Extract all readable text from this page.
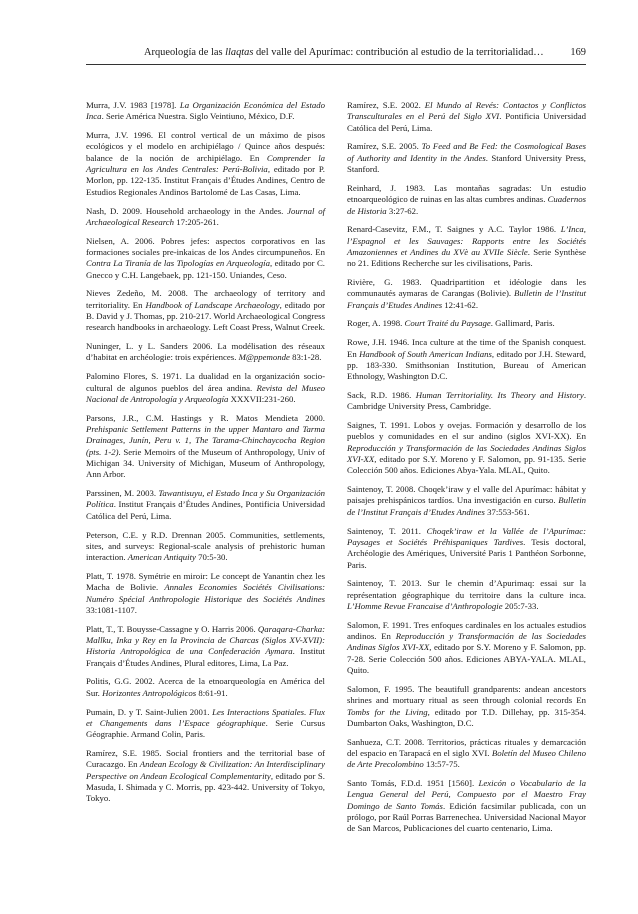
Arqueología de las llaqtas del valle del Apurímac: contribución al estudio de la territorialidad…	169

Murra, J.V. 1983 [1978]. La Organización Económica del Estado Inca. Serie América Nuestra. Siglo Veintiuno, México, D.F.

Murra, J.V. 1996. El control vertical de un máximo de pisos ecológicos y el modelo en archipiélago / Quince años después: balance de la noción de archipiélago. En Comprender la Agricultura en los Andes Centrales: Perú-Bolivia, editado por P. Morlon, pp. 122-135. Institut Français d’Études Andines, Centro de Estudios Regionales Andinos Bartolomé de Las Casas, Lima.

Nash, D. 2009. Household archaeology in the Andes. Journal of Archaeological Research 17:205-261.

Nielsen, A. 2006. Pobres jefes: aspectos corporativos en las formaciones sociales pre-inkaicas de los Andes circumpuneños. En Contra La Tiranía de las Tipologías en Arqueología, editado por C. Gnecco y C.H. Langebaek, pp. 121-150. Uniandes, Ceso.

Nieves Zedeño, M. 2008. The archaeology of territory and territoriality. En Handbook of Landscape Archaeology, editado por B. David y J. Thomas, pp. 210-217. World Archaeological Congress research handbooks in archaeology. Left Coast Press, Walnut Creek.

Nuninger, L. y L. Sanders 2006. La modélisation des réseaux d’habitat en archéologie: trois expériences. M@ppemonde 83:1-28.

Palomino Flores, S. 1971. La dualidad en la organización socio-cultural de algunos pueblos del área andina. Revista del Museo Nacional de Antropología y Arqueología XXXVII:231-260.

Parsons, J.R., C.M. Hastings y R. Matos Mendieta 2000. Prehispanic Settlement Patterns in the upper Mantaro and Tarma Drainages, Junín, Peru v. 1, The Tarama-Chinchaycocha Region (pts. 1-2). Serie Memoirs of the Museum of Anthropology, Univ of Michigan 34. University of Michigan, Museum of Anthropology, Ann Arbor.

Parssinen, M. 2003. Tawantisuyu, el Estado Inca y Su Organización Política. Institut Français d’Études Andines, Pontificia Universidad Católica del Perú, Lima.

Peterson, C.E. y R.D. Drennan 2005. Communities, settlements, sites, and surveys: Regional-scale analysis of prehistoric human interaction. American Antiquity 70:5-30.

Platt, T. 1978. Symétrie en miroir: Le concept de Yanantin chez les Macha de Bolivie. Annales Economies Sociétés Civilisations: Numéro Spécial Anthropologie Historique des Sociétés Andines 33:1081-1107.

Platt, T., T. Bouysse-Cassagne y O. Harris 2006. Qaraqara-Charka: Mallku, Inka y Rey en la Provincia de Charcas (Siglos XV-XVII): Historia Antropológica de una Confederación Aymara. Institut Français d’Études Andines, Plural editores, Lima, La Paz.

Politis, G.G. 2002. Acerca de la etnoarqueología en América del Sur. Horizontes Antropológicos 8:61-91.

Pumain, D. y T. Saint-Julien 2001. Les Interactions Spatiales. Flux et Changements dans l’Espace géographique. Serie Cursus Géographie. Armand Colin, Paris.

Ramírez, S.E. 1985. Social frontiers and the territorial base of Curacazgo. En Andean Ecology & Civilization: An Interdisciplinary Perspective on Andean Ecological Complementarity, editado por S. Masuda, I. Shimada y C. Morris, pp. 423-442. University of Tokyo, Tokyo.

Ramírez, S.E. 2002. El Mundo al Revés: Contactos y Conflictos Transculturales en el Perú del Siglo XVI. Pontificia Universidad Católica del Perú, Lima.

Ramírez, S.E. 2005. To Feed and Be Fed: the Cosmological Bases of Authority and Identity in the Andes. Stanford University Press, Stanford.

Reinhard, J. 1983. Las montañas sagradas: Un estudio etnoarqueológico de ruinas en las altas cumbres andinas. Cuadernos de Historia 3:27-62.

Renard-Casevitz, F.M., T. Saignes y A.C. Taylor 1986. L’Inca, l’Espagnol et les Sauvages: Rapports entre les Sociétés Amazoniennes et Andines du XVè au XVIIe Siècle. Serie Synthèse no 21. Editions Recherche sur les civilisations, Paris.

Rivière, G. 1983. Quadripartition et idéologie dans les communautés aymaras de Carangas (Bolivie). Bulletin de l’Institut Français d’Etudes Andines 12:41-62.

Roger, A. 1998. Court Traité du Paysage. Gallimard, Paris.

Rowe, J.H. 1946. Inca culture at the time of the Spanish conquest. En Handbook of South American Indians, editado por J.H. Steward, pp. 183-330. Smithsonian Institution, Bureau of American Ethnology, Washington D.C.

Sack, R.D. 1986. Human Territoriality. Its Theory and History. Cambridge University Press, Cambridge.

Saignes, T. 1991. Lobos y ovejas. Formación y desarrollo de los pueblos y comunidades en el sur andino (siglos XVI-XX). En Reproducción y Transformación de las Sociedades Andinas Siglos XVI-XX, editado por S.Y. Moreno y F. Salomon, pp. 91-135. Serie Colección 500 años. Ediciones Abya-Yala. MLAL, Quito.

Saintenoy, T. 2008. Choqek’iraw y el valle del Apurímac: hábitat y paisajes prehispánicos tardíos. Una investigación en curso. Bulletin de l’Institut Français d’Etudes Andines 37:553-561.

Saintenoy, T. 2011. Choqek’iraw et la Vallée de l’Apurímac: Paysages et Sociétés Préhispaniques Tardives. Tesis doctoral, Archéologie des Amériques, Université Paris 1 Panthéon Sorbonne, Paris.

Saintenoy, T. 2013. Sur le chemin d’Apurimaq: essai sur la représentation géographique du territoire dans la culture inca. L’Homme Revue Francaise d’Anthropologie 205:7-33.

Salomon, F. 1991. Tres enfoques cardinales en los actuales estudios andinos. En Reproducción y Transformación de las Sociedades Andinas Siglos XVI-XX, editado por S.Y. Moreno y F. Salomon, pp. 7-28. Serie Colección 500 años. Ediciones ABYA-YALA. MLAL, Quito.

Salomon, F. 1995. The beautifull grandparents: andean ancestors shrines and mortuary ritual as seen through colonial records En Tombs for the Living, editado por T.D. Dillehay, pp. 315-354. Dumbarton Oaks, Washington, D.C.

Sanhueza, C.T. 2008. Territorios, prácticas rituales y demarcación del espacio en Tarapacá en el siglo XVI. Boletín del Museo Chileno de Arte Precolombino 13:57-75.

Santo Tomás, F.D.d. 1951 [1560]. Lexicón o Vocabulario de la Lengua General del Perú, Compuesto por el Maestro Fray Domingo de Santo Tomás. Edición facsimilar publicada, con un prólogo, por Raúl Porras Barrenechea. Universidad Nacional Mayor de San Marcos, Publicaciones del cuarto centenario, Lima.
